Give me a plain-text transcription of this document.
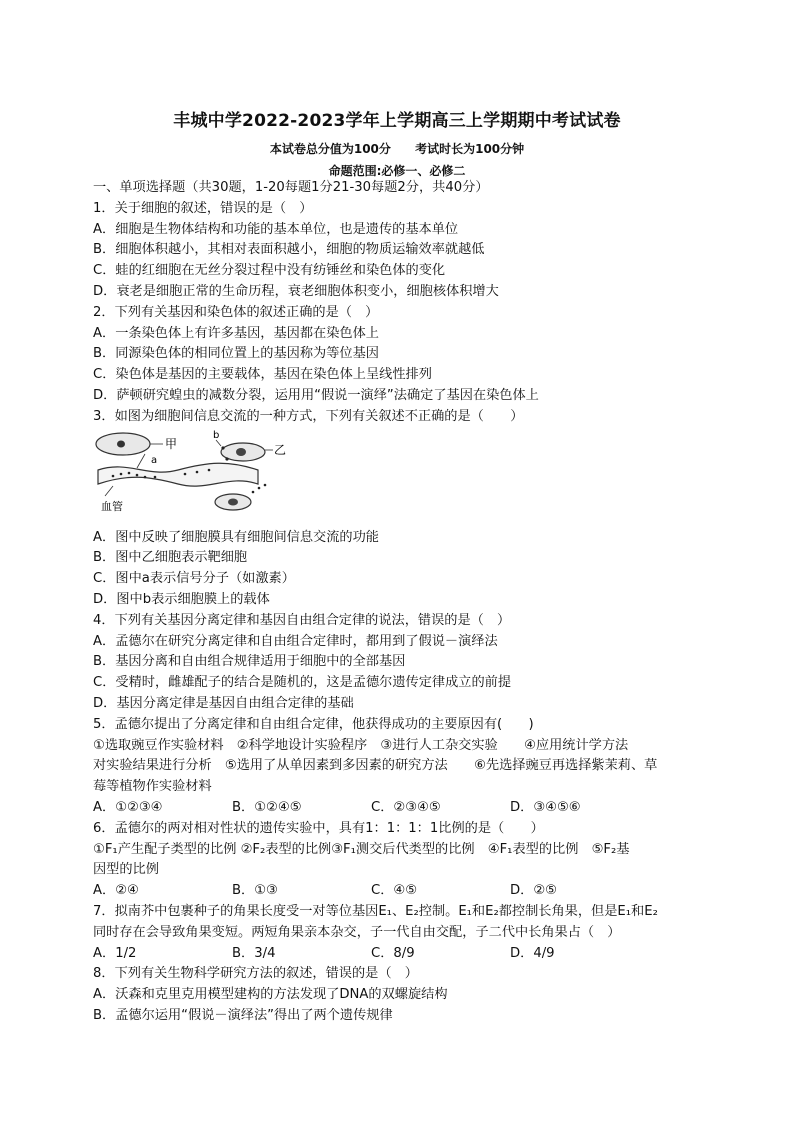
丰城中学2022-2023学年上学期高三上学期期中考试试卷
本试卷总分值为100分 考试时长为100分钟
命题范围:必修一、必修二
一、单项选择题（共30题，1-20每题1分21-30每题2分，共40分）
1．关于细胞的叙述，错误的是（　）
A．细胞是生物体结构和功能的基本单位，也是遗传的基本单位
B．细胞体积越小，其相对表面积越小，细胞的物质运输效率就越低
C．蛙的红细胞在无丝分裂过程中没有纺锤丝和染色体的变化
D．衰老是细胞正常的生命历程，衰老细胞体积变小，细胞核体积增大
2．下列有关基因和染色体的叙述正确的是（　）
A．一条染色体上有许多基因，基因都在染色体上
B．同源染色体的相同位置上的基因称为等位基因
C．染色体是基因的主要载体，基因在染色体上呈线性排列
D．萨顿研究蝗虫的减数分裂，运用用“假说一演绎”法确定了基因在染色体上
3．如图为细胞间信息交流的一种方式，下列有关叙述不正确的是（　　）
甲
a
乙
b
血管
A．图中反映了细胞膜具有细胞间信息交流的功能
B．图中乙细胞表示靶细胞
C．图中a表示信号分子（如激素）
D．图中b表示细胞膜上的载体
4．下列有关基因分离定律和基因自由组合定律的说法，错误的是（　）
A．孟德尔在研究分离定律和自由组合定律时，都用到了假说－演绎法
B．基因分离和自由组合规律适用于细胞中的全部基因
C．受精时，雌雄配子的结合是随机的，这是孟德尔遗传定律成立的前提
D．基因分离定律是基因自由组合定律的基础
5．孟德尔提出了分离定律和自由组合定律，他获得成功的主要原因有(　　)
①选取豌豆作实验材料　②科学地设计实验程序　③进行人工杂交实验　　④应用统计学方法
对实验结果进行分析　⑤选用了从单因素到多因素的研究方法　　⑥先选择豌豆再选择紫茉莉、草
莓等植物作实验材料
A．①②③④	B．①②④⑤	C．②③④⑤	D．③④⑤⑥
6．孟德尔的两对相对性状的遗传实验中，具有1：1：1：1比例的是（　　）
①F₁产生配子类型的比例 ②F₂表型的比例③F₁测交后代类型的比例　④F₁表型的比例　⑤F₂基
因型的比例
A．②④	B．①③	C．④⑤	D．②⑤
7．拟南芥中包裹种子的角果长度受一对等位基因E₁、E₂控制。E₁和E₂都控制长角果，但是E₁和E₂
同时存在会导致角果变短。两短角果亲本杂交，子一代自由交配，子二代中长角果占（　）
A．1/2	B．3/4	C．8/9	D．4/9
8．下列有关生物科学研究方法的叙述，错误的是（　）
A．沃森和克里克用模型建构的方法发现了DNA的双螺旋结构
B．孟德尔运用“假说－演绎法”得出了两个遗传规律
